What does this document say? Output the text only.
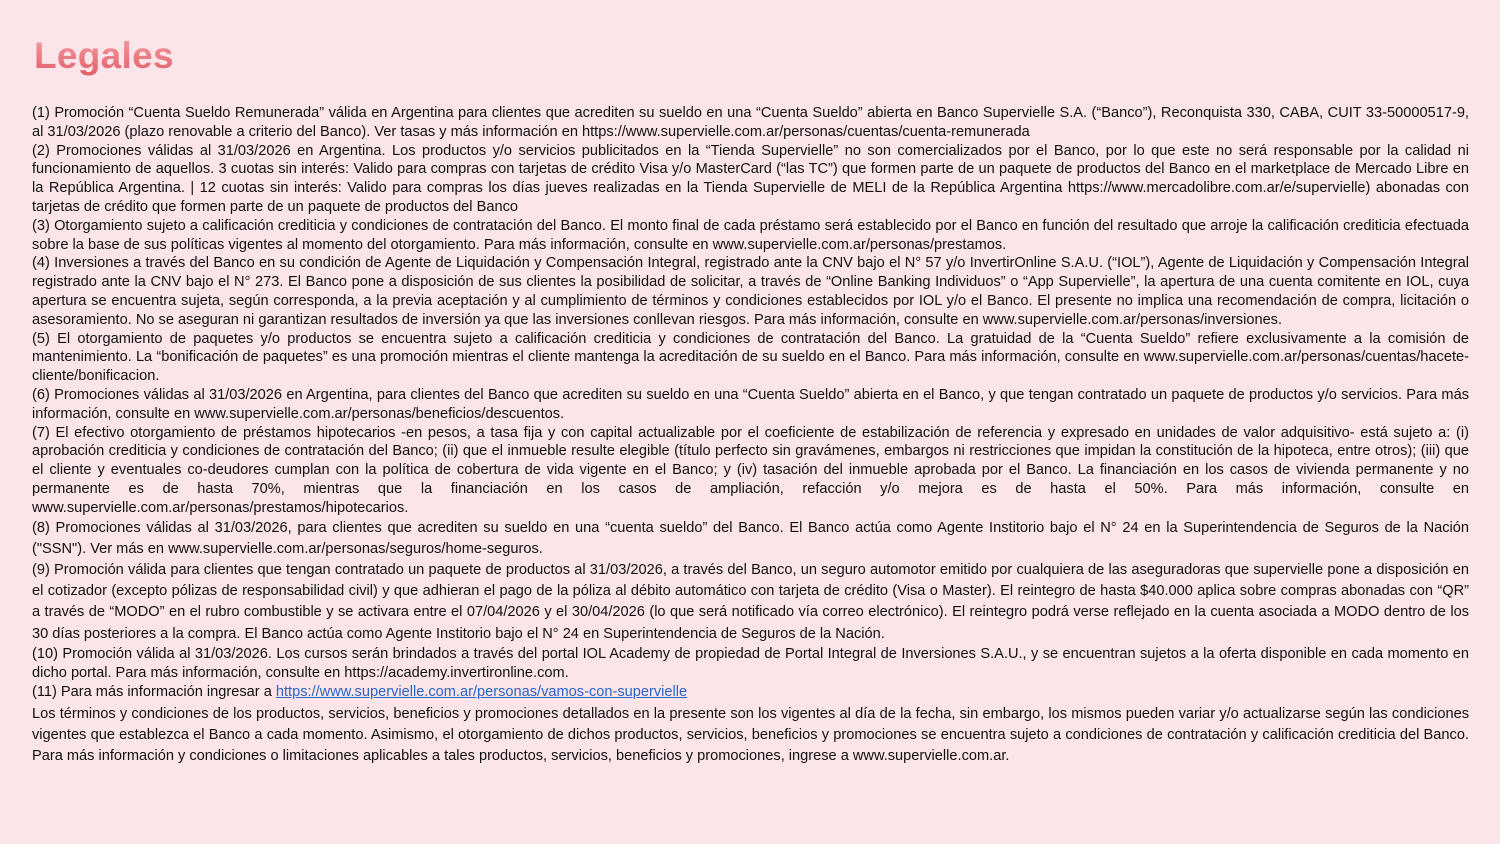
Legales

(1) Promoción “Cuenta Sueldo Remunerada” válida en Argentina para clientes que acrediten su sueldo en una “Cuenta Sueldo” abierta en Banco Supervielle S.A. (“Banco”), Reconquista 330, CABA, CUIT 33-50000517-9, al 31/03/2026 (plazo renovable a criterio del Banco). Ver tasas y más información en https://www.supervielle.com.ar/personas/cuentas/cuenta-remunerada

(2) Promociones válidas al 31/03/2026 en Argentina. Los productos y/o servicios publicitados en la “Tienda Supervielle” no son comercializados por el Banco, por lo que este no será responsable por la calidad ni funcionamiento de aquellos. 3 cuotas sin interés: Valido para compras con tarjetas de crédito Visa y/o MasterCard (“las TC”) que formen parte de un paquete de productos del Banco en el marketplace de Mercado Libre en la República Argentina. | 12 cuotas sin interés: Valido para compras los días jueves realizadas en la Tienda Supervielle de MELI de la República Argentina https://www.mercadolibre.com.ar/e/supervielle) abonadas con tarjetas de crédito que formen parte de un paquete de productos del Banco

(3) Otorgamiento sujeto a calificación crediticia y condiciones de contratación del Banco. El monto final de cada préstamo será establecido por el Banco en función del resultado que arroje la calificación crediticia efectuada sobre la base de sus políticas vigentes al momento del otorgamiento. Para más información, consulte en www.supervielle.com.ar/personas/prestamos.

(4) Inversiones a través del Banco en su condición de Agente de Liquidación y Compensación Integral, registrado ante la CNV bajo el N° 57 y/o InvertirOnline S.A.U. (“IOL”), Agente de Liquidación y Compensación Integral registrado ante la CNV bajo el N° 273. El Banco pone a disposición de sus clientes la posibilidad de solicitar, a través de “Online Banking Individuos” o “App Supervielle”, la apertura de una cuenta comitente en IOL, cuya apertura se encuentra sujeta, según corresponda, a la previa aceptación y al cumplimiento de términos y condiciones establecidos por IOL y/o el Banco. El presente no implica una recomendación de compra, licitación o asesoramiento. No se aseguran ni garantizan resultados de inversión ya que las inversiones conllevan riesgos. Para más información, consulte en www.supervielle.com.ar/personas/inversiones.

(5) El otorgamiento de paquetes y/o productos se encuentra sujeto a calificación crediticia y condiciones de contratación del Banco. La gratuidad de la “Cuenta Sueldo” refiere exclusivamente a la comisión de mantenimiento. La “bonificación de paquetes” es una promoción mientras el cliente mantenga la acreditación de su sueldo en el Banco. Para más información, consulte en www.supervielle.com.ar/personas/cuentas/hacete-cliente/bonificacion.

(6) Promociones válidas al 31/03/2026 en Argentina, para clientes del Banco que acrediten su sueldo en una “Cuenta Sueldo” abierta en el Banco, y que tengan contratado un paquete de productos y/o servicios. Para más información, consulte en www.supervielle.com.ar/personas/beneficios/descuentos.

(7) El efectivo otorgamiento de préstamos hipotecarios -en pesos, a tasa fija y con capital actualizable por el coeficiente de estabilización de referencia y expresado en unidades de valor adquisitivo- está sujeto a: (i) aprobación crediticia y condiciones de contratación del Banco; (ii) que el inmueble resulte elegible (título perfecto sin gravámenes, embargos ni restricciones que impidan la constitución de la hipoteca, entre otros); (iii) que el cliente y eventuales co-deudores cumplan con la política de cobertura de vida vigente en el Banco; y (iv) tasación del inmueble aprobada por el Banco. La financiación en los casos de vivienda permanente y no permanente es de hasta 70%, mientras que la financiación en los casos de ampliación, refacción y/o mejora es de hasta el 50%. Para más información, consulte en www.supervielle.com.ar/personas/prestamos/hipotecarios.

(8) Promociones válidas al 31/03/2026, para clientes que acrediten su sueldo en una “cuenta sueldo” del Banco. El Banco actúa como Agente Institorio bajo el N° 24 en la Superintendencia de Seguros de la Nación ("SSN"). Ver más en www.supervielle.com.ar/personas/seguros/home-seguros.

(9) Promoción válida para clientes que tengan contratado un paquete de productos al 31/03/2026, a través del Banco, un seguro automotor emitido por cualquiera de las aseguradoras que supervielle pone a disposición en el cotizador (excepto pólizas de responsabilidad civil) y que adhieran el pago de la póliza al débito automático con tarjeta de crédito (Visa o Master). El reintegro de hasta $40.000 aplica sobre compras abonadas con “QR” a través de “MODO” en el rubro combustible y se activara entre el 07/04/2026 y el 30/04/2026 (lo que será notificado vía correo electrónico). El reintegro podrá verse reflejado en la cuenta asociada a MODO dentro de los 30 días posteriores a la compra. El Banco actúa como Agente Institorio bajo el N° 24 en Superintendencia de Seguros de la Nación.

(10) Promoción válida al 31/03/2026. Los cursos serán brindados a través del portal IOL Academy de propiedad de Portal Integral de Inversiones S.A.U., y se encuentran sujetos a la oferta disponible en cada momento en dicho portal. Para más información, consulte en https://academy.invertironline.com.

(11) Para más información ingresar a https://www.supervielle.com.ar/personas/vamos-con-supervielle

Los términos y condiciones de los productos, servicios, beneficios y promociones detallados en la presente son los vigentes al día de la fecha, sin embargo, los mismos pueden variar y/o actualizarse según las condiciones vigentes que establezca el Banco a cada momento. Asimismo, el otorgamiento de dichos productos, servicios, beneficios y promociones se encuentra sujeto a condiciones de contratación y calificación crediticia del Banco. Para más información y condiciones o limitaciones aplicables a tales productos, servicios, beneficios y promociones, ingrese a www.supervielle.com.ar.
